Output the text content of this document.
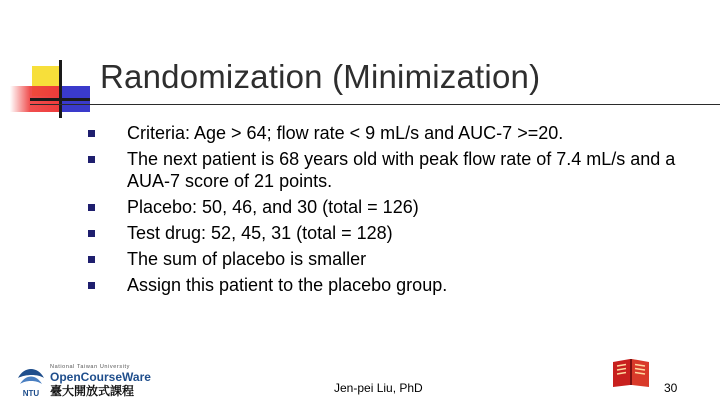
Randomization (Minimization)
Criteria: Age > 64; flow rate < 9 mL/s and AUC-7 >=20.
The next patient is 68 years old with peak flow rate of 7.4 mL/s and a AUA-7 score of 21 points.
Placebo: 50, 46, and 30 (total = 126)
Test drug: 52, 45, 31 (total = 128)
The sum of placebo is smaller
Assign this patient to the placebo group.
NTU
National Taiwan University
OpenCourseWare
臺大開放式課程	Jen-pei Liu, PhD	30
